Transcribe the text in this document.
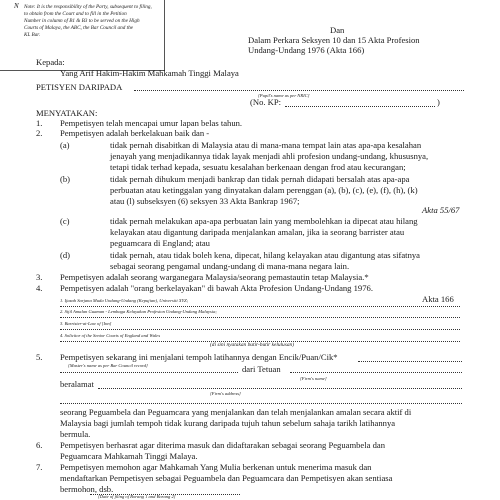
N Note: It is the responsibility of the Party, subsequent to filing,
to obtain from the Court and to fill in the Petition
Number in column of B1 & B3 to be served on the High
Courts of Malaya, the ABC, the Bar Council and the
KL Bar.	Dan
Dalam Perkara Seksyen 10 dan 15 Akta Profesion
Undang-Undang 1976 (Akta 166)
Kepada:
Yang Arif Hakim-Hakim Mahkamah Tinggi Malaya
PETISYEN DARIPADA
[Pupil's name as per NRIC]
(No. KP:	)
MENYATAKAN:
1. Pempetisyen telah mencapai umur lapan belas tahun.
2. Pempetisyen adalah berkelakuan baik dan -
(a)	tidak pernah disabitkan di Malaysia atau di mana-mana tempat lain atas apa-apa kesalahan
jenayah yang menjadikannya tidak layak menjadi ahli profesion undang-undang, khususnya,
tetapi tidak terhad kepada, sesuatu kesalahan berkenaan dengan frod atau kecurangan;
(b)	tidak pernah dihukum menjadi bankrap dan tidak pernah didapati bersalah atas apa-apa
perbuatan atau ketinggalan yang dinyatakan dalam perenggan (a), (b), (c), (e), (f), (h), (k)
atau (l) subseksyen (6) seksyen 33 Akta Bankrap 1967;
Akta 55/67
(c)	tidak pernah melakukan apa-apa perbuatan lain yang membolehkan ia dipecat atau hilang
kelayakan atau digantung daripada menjalankan amalan, jika ia seorang barrister atau
peguamcara di England; atau
(d)	tidak pernah, atau tidak boleh kena, dipecat, hilang kelayakan atau digantung atas sifatnya
sebagai seorang pengamal undang-undang di mana-mana negara lain.
3. Pempetisyen adalah seorang warganegara Malaysia/seorang pemastautin tetap Malaysia.*
4. Pempetisyen adalah "orang berkelayakan" di bawah Akta Profesion Undang-Undang 1976.
Akta 166
1. Ijazah Sarjana Muda Undang-Undang (Kepujian), Universiti XYZ;
2. Sijil Amalan Guaman - Lembaga Kelayakan Profesion Undang-Undang Malaysia;
3. Barrister-at-Law of [Inn]
4. Solicitor of the Senior Courts of England and Wales
(di sini nyatakan butir-butir kelulusan)
5. Pempetisyen sekarang ini menjalani tempoh latihannya dengan Encik/Puan/Cik*
[Master's name as per Bar Council record]	dari Tetuan
[Firm's name]
beralamat
[Firm's address]
seorang Peguambela dan Peguamcara yang menjalankan dan telah menjalankan amalan secara aktif di
Malaysia bagi jumlah tempoh tidak kurang daripada tujuh tahun sebelum sahaja tarikh latihannya
bermula.
6. Pempetisyen berhasrat agar diterima masuk dan didaftarakan sebagai seorang Peguambela dan
Peguamcara Mahkamah Tinggi Malaya.
7. Pempetisyen memohon agar Mahkamah Yang Mulia berkenan untuk menerima masuk dan
mendaftarkan Pempetisyen sebagai Peguambela dan Peguamcara dan Pempetisyen akan sentiasa
bermohon, dsb.
[Date of filing of Borang 1 and Borang 2]
